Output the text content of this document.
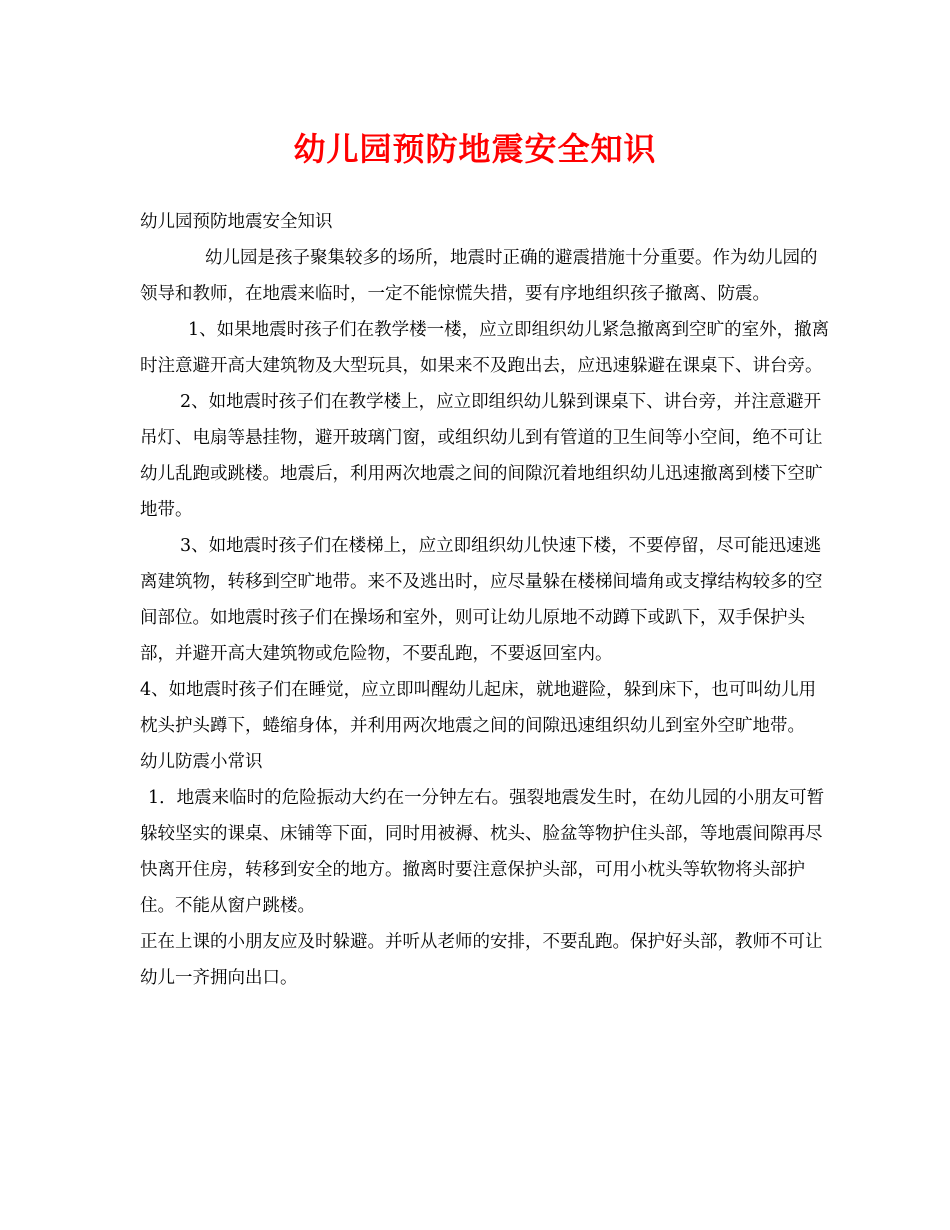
幼儿园预防地震安全知识

幼儿园预防地震安全知识

幼儿园是孩子聚集较多的场所，地震时正确的避震措施十分重要。作为幼儿园的领导和教师，在地震来临时，一定不能惊慌失措，要有序地组织孩子撤离、防震。

1、如果地震时孩子们在教学楼一楼，应立即组织幼儿紧急撤离到空旷的室外，撤离时注意避开高大建筑物及大型玩具，如果来不及跑出去，应迅速躲避在课桌下、讲台旁。

2、如地震时孩子们在教学楼上，应立即组织幼儿躲到课桌下、讲台旁，并注意避开吊灯、电扇等悬挂物，避开玻璃门窗，或组织幼儿到有管道的卫生间等小空间，绝不可让幼儿乱跑或跳楼。地震后，利用两次地震之间的间隙沉着地组织幼儿迅速撤离到楼下空旷地带。

3、如地震时孩子们在楼梯上，应立即组织幼儿快速下楼，不要停留，尽可能迅速逃离建筑物，转移到空旷地带。来不及逃出时，应尽量躲在楼梯间墙角或支撑结构较多的空间部位。如地震时孩子们在操场和室外，则可让幼儿原地不动蹲下或趴下，双手保护头部，并避开高大建筑物或危险物，不要乱跑，不要返回室内。

4、如地震时孩子们在睡觉，应立即叫醒幼儿起床，就地避险，躲到床下，也可叫幼儿用枕头护头蹲下，蜷缩身体，并利用两次地震之间的间隙迅速组织幼儿到室外空旷地带。

幼儿防震小常识

1．地震来临时的危险振动大约在一分钟左右。强裂地震发生时，在幼儿园的小朋友可暂躲较坚实的课桌、床铺等下面，同时用被褥、枕头、脸盆等物护住头部，等地震间隙再尽快离开住房，转移到安全的地方。撤离时要注意保护头部，可用小枕头等软物将头部护住。不能从窗户跳楼。

正在上课的小朋友应及时躲避。并听从老师的安排，不要乱跑。保护好头部，教师不可让幼儿一齐拥向出口。
